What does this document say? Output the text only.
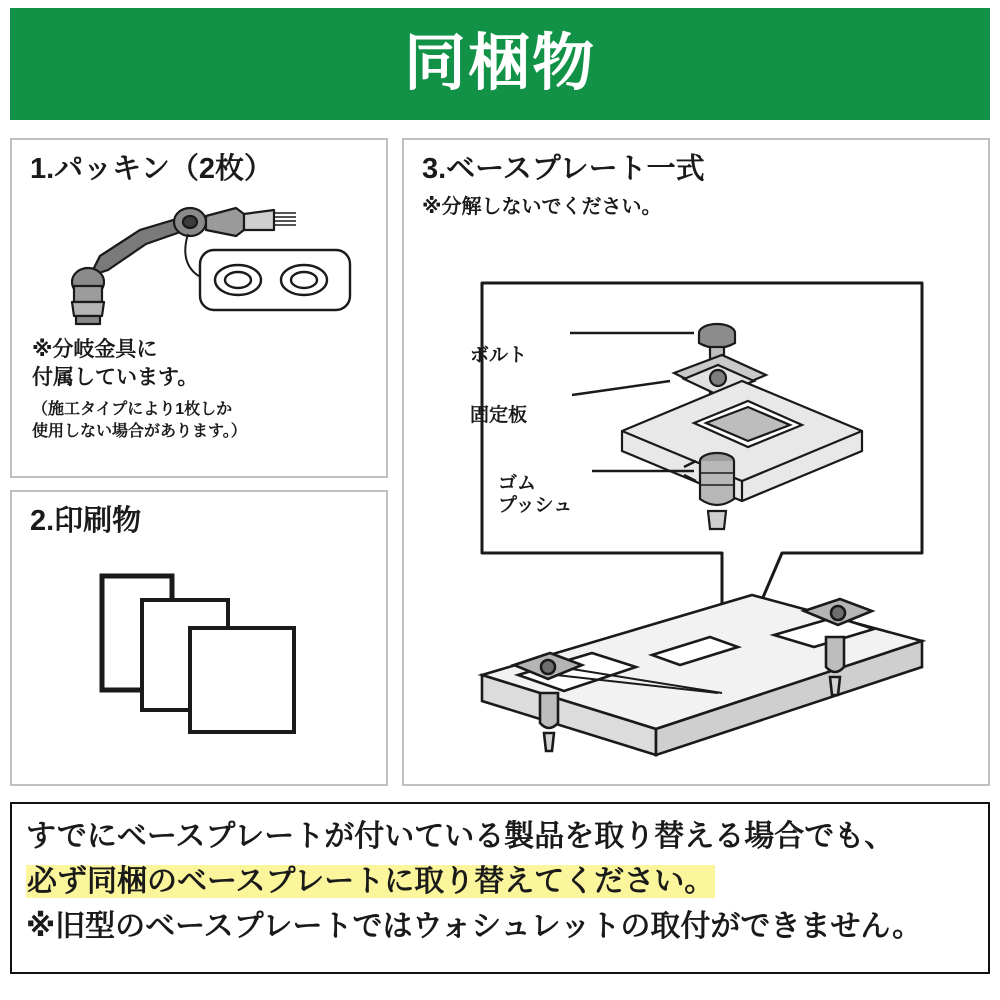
同梱物
1.パッキン（2枚）

※分岐金具に

付属しています。

（施工タイプにより1枚しか

使用しない場合があります。）

2.印刷物
3.ベースプレート一式
※分解しないでください。
ボルト
固定板
ゴム
プッシュ
すでにベースプレートが付いている製品を取り替える場合でも、
必ず同梱のベースプレートに取り替えてください。
※旧型のベースプレートではウォシュレットの取付ができません。
